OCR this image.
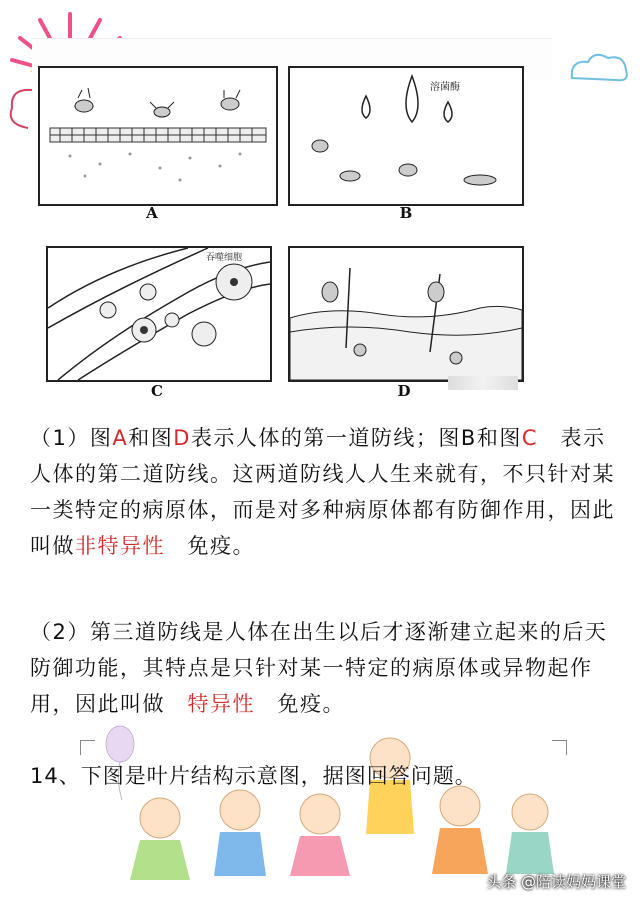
A	B
溶菌酶
C
吞噬细胞
D
（1）图A和图D表示人体的第一道防线；图B和图C　表示人体的第二道防线。这两道防线人人生来就有，不只针对某一类特定的病原体，而是对多种病原体都有防御作用，因此叫做非特异性　免疫。
（2）第三道防线是人体在出生以后才逐渐建立起来的后天防御功能，其特点是只针对某一特定的病原体或异物起作用，因此叫做　特异性　免疫。
14、下图是叶片结构示意图，据图回答问题。
头条 @陪读妈妈课堂
